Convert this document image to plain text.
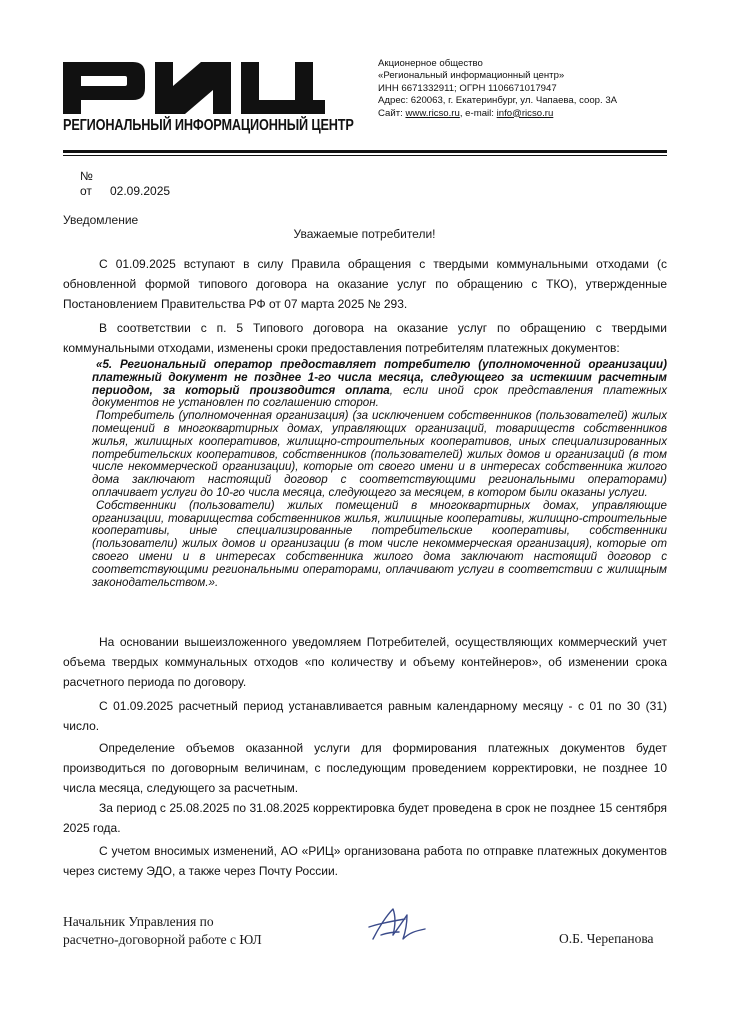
РЕГИОНАЛЬНЫЙ ИНФОРМАЦИОННЫЙ ЦЕНТР
Акционерное общество
«Региональный информационный центр»
ИНН 6671332911; ОГРН 1106671017947
Адрес: 620063, г. Екатеринбург, ул. Чапаева, соор. 3А
Сайт: www.ricso.ru, e-mail: info@ricso.ru
№
от 02.09.2025
Уведомление
Уважаемые потребители!
С 01.09.2025 вступают в силу Правила обращения с твердыми коммунальными отходами (с обновленной формой типового договора на оказание услуг по обращению с ТКО), утвержденные Постановлением Правительства РФ от 07 марта 2025 № 293.
В соответствии с п. 5 Типового договора на оказание услуг по обращению с твердыми коммунальными отходами, изменены сроки предоставления потребителям платежных документов:

«5. Региональный оператор предоставляет потребителю (уполномоченной организации) платежный документ не позднее 1-го числа месяца, следующего за истекшим расчетным периодом, за который производится оплата, если иной срок представления платежных документов не установлен по соглашению сторон.

Потребитель (уполномоченная организация) (за исключением собственников (пользователей) жилых помещений в многоквартирных домах, управляющих организаций, товариществ собственников жилья, жилищных кооперативов, жилищно-строительных кооперативов, иных специализированных потребительских кооперативов, собственников (пользователей) жилых домов и организаций (в том числе некоммерческой организации), которые от своего имени и в интересах собственника жилого дома заключают настоящий договор с соответствующими региональными операторами) оплачивает услуги до 10-го числа месяца, следующего за месяцем, в котором были оказаны услуги.

Собственники (пользователи) жилых помещений в многоквартирных домах, управляющие организации, товарищества собственников жилья, жилищные кооперативы, жилищно-строительные кооперативы, иные специализированные потребительские кооперативы, собственники (пользователи) жилых домов и организации (в том числе некоммерческая организация), которые от своего имени и в интересах собственника жилого дома заключают настоящий договор с соответствующими региональными операторами, оплачивают услуги в соответствии с жилищным законодательством.».

На основании вышеизложенного уведомляем Потребителей, осуществляющих коммерческий учет объема твердых коммунальных отходов «по количеству и объему контейнеров», об изменении срока расчетного периода по договору.
С 01.09.2025 расчетный период устанавливается равным календарному месяцу - с 01 по 30 (31) число.
Определение объемов оказанной услуги для формирования платежных документов будет производиться по договорным величинам, с последующим проведением корректировки, не позднее 10 числа месяца, следующего за расчетным.
За период с 25.08.2025 по 31.08.2025 корректировка будет проведена в срок не позднее 15 сентября 2025 года.
С учетом вносимых изменений, АО «РИЦ» организована работа по отправке платежных документов через систему ЭДО, а также через Почту России.
Начальник Управления по
расчетно-договорной работе с ЮЛ	О.Б. Черепанова
